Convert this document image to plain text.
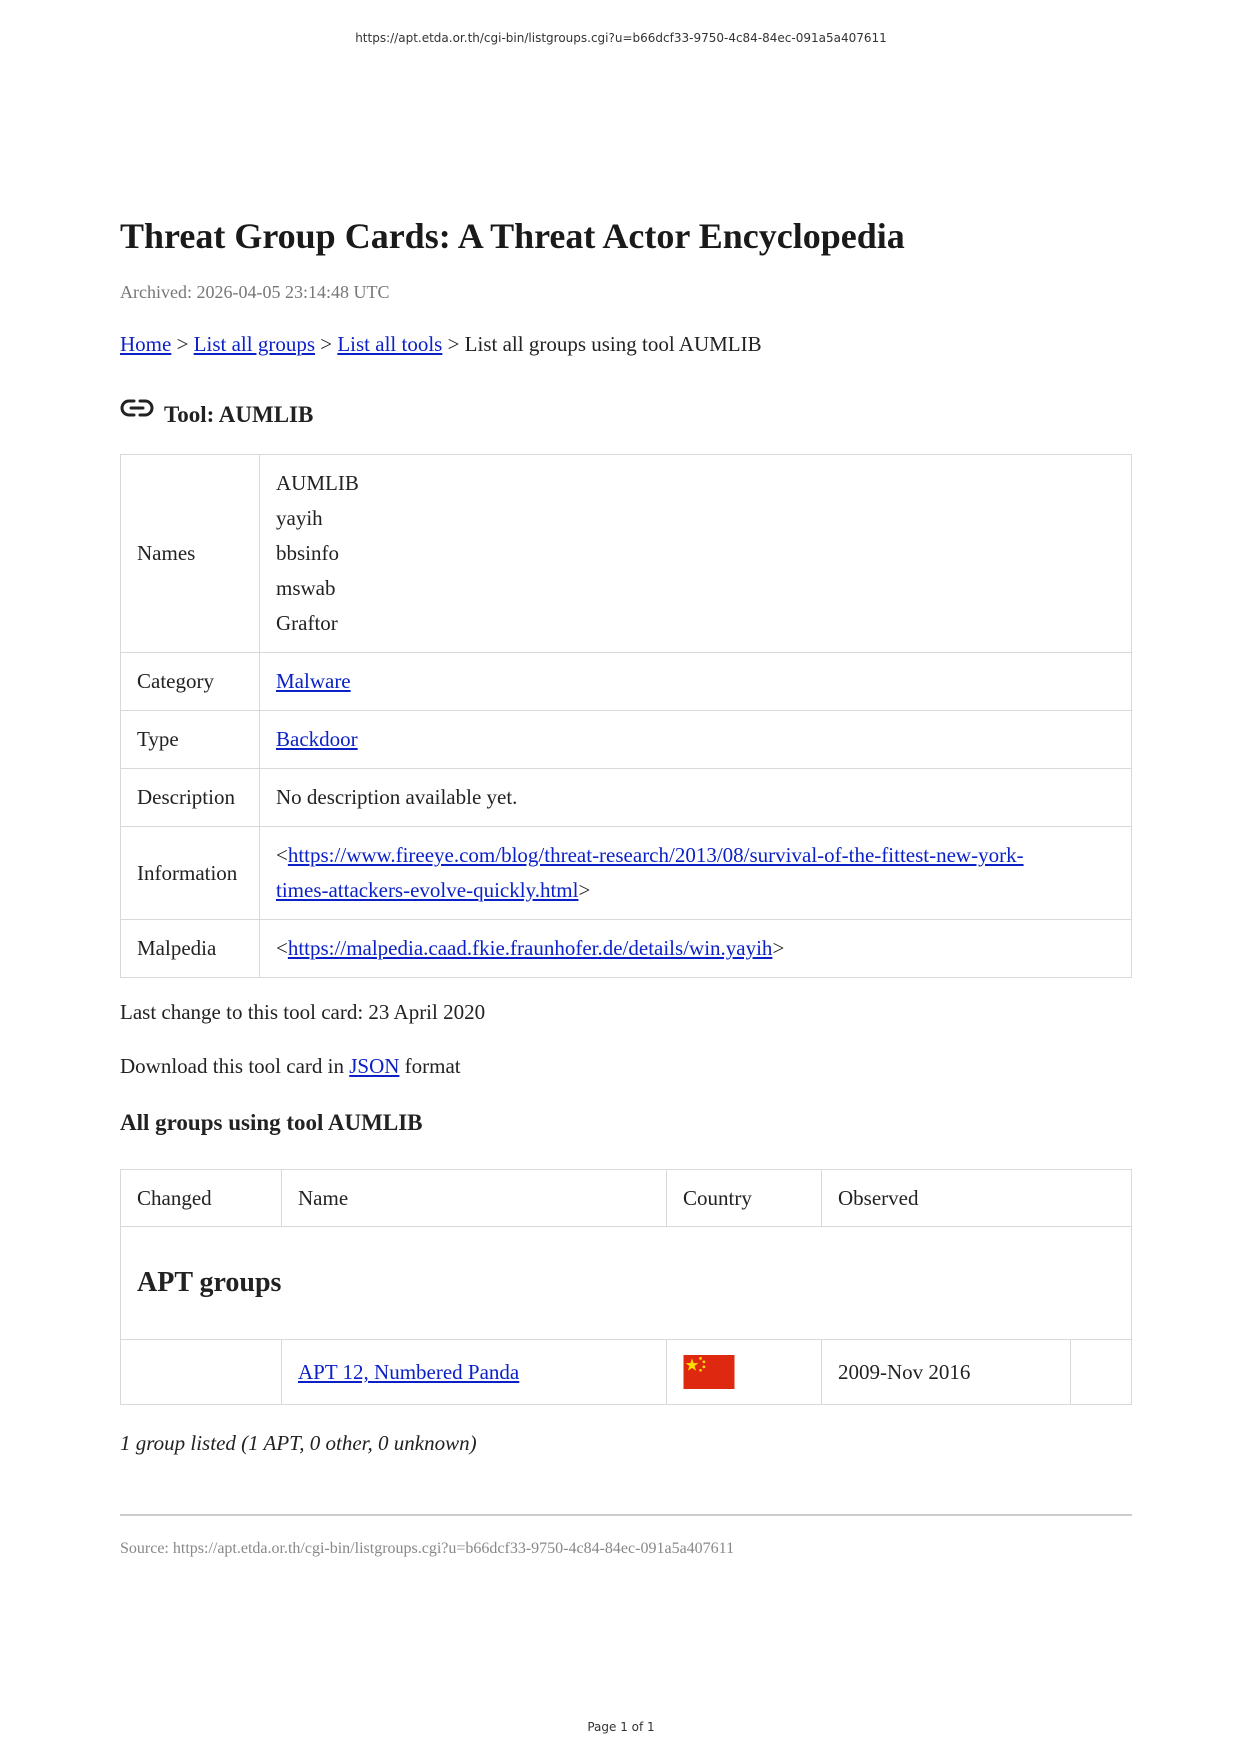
https://apt.etda.or.th/cgi-bin/listgroups.cgi?u=b66dcf33-9750-4c84-84ec-091a5a407611
Threat Group Cards: A Threat Actor Encyclopedia
Archived: 2026-04-05 23:14:48 UTC
Home > List all groups > List all tools > List all groups using tool AUMLIB
Tool: AUMLIB
Names	AUMLIB
yayih
bbsinfo
mswab
Graftor

Category	Malware
Type	Backdoor
Description	No description available yet.
Information	<https://www.fireeye.com/blog/threat-research/2013/08/survival-of-the-fittest-new-york-
times-attackers-evolve-quickly.html>
Malpedia	<https://malpedia.caad.fkie.fraunhofer.de/details/win.yayih>
Last change to this tool card: 23 April 2020
Download this tool card in JSON format
All groups using tool AUMLIB
Changed	Name	Country	Observed	
APT groups				
	APT 12, Numbered Panda		2009-Nov 2016	
1 group listed (1 APT, 0 other, 0 unknown)
Source: https://apt.etda.or.th/cgi-bin/listgroups.cgi?u=b66dcf33-9750-4c84-84ec-091a5a407611
Page 1 of 1
